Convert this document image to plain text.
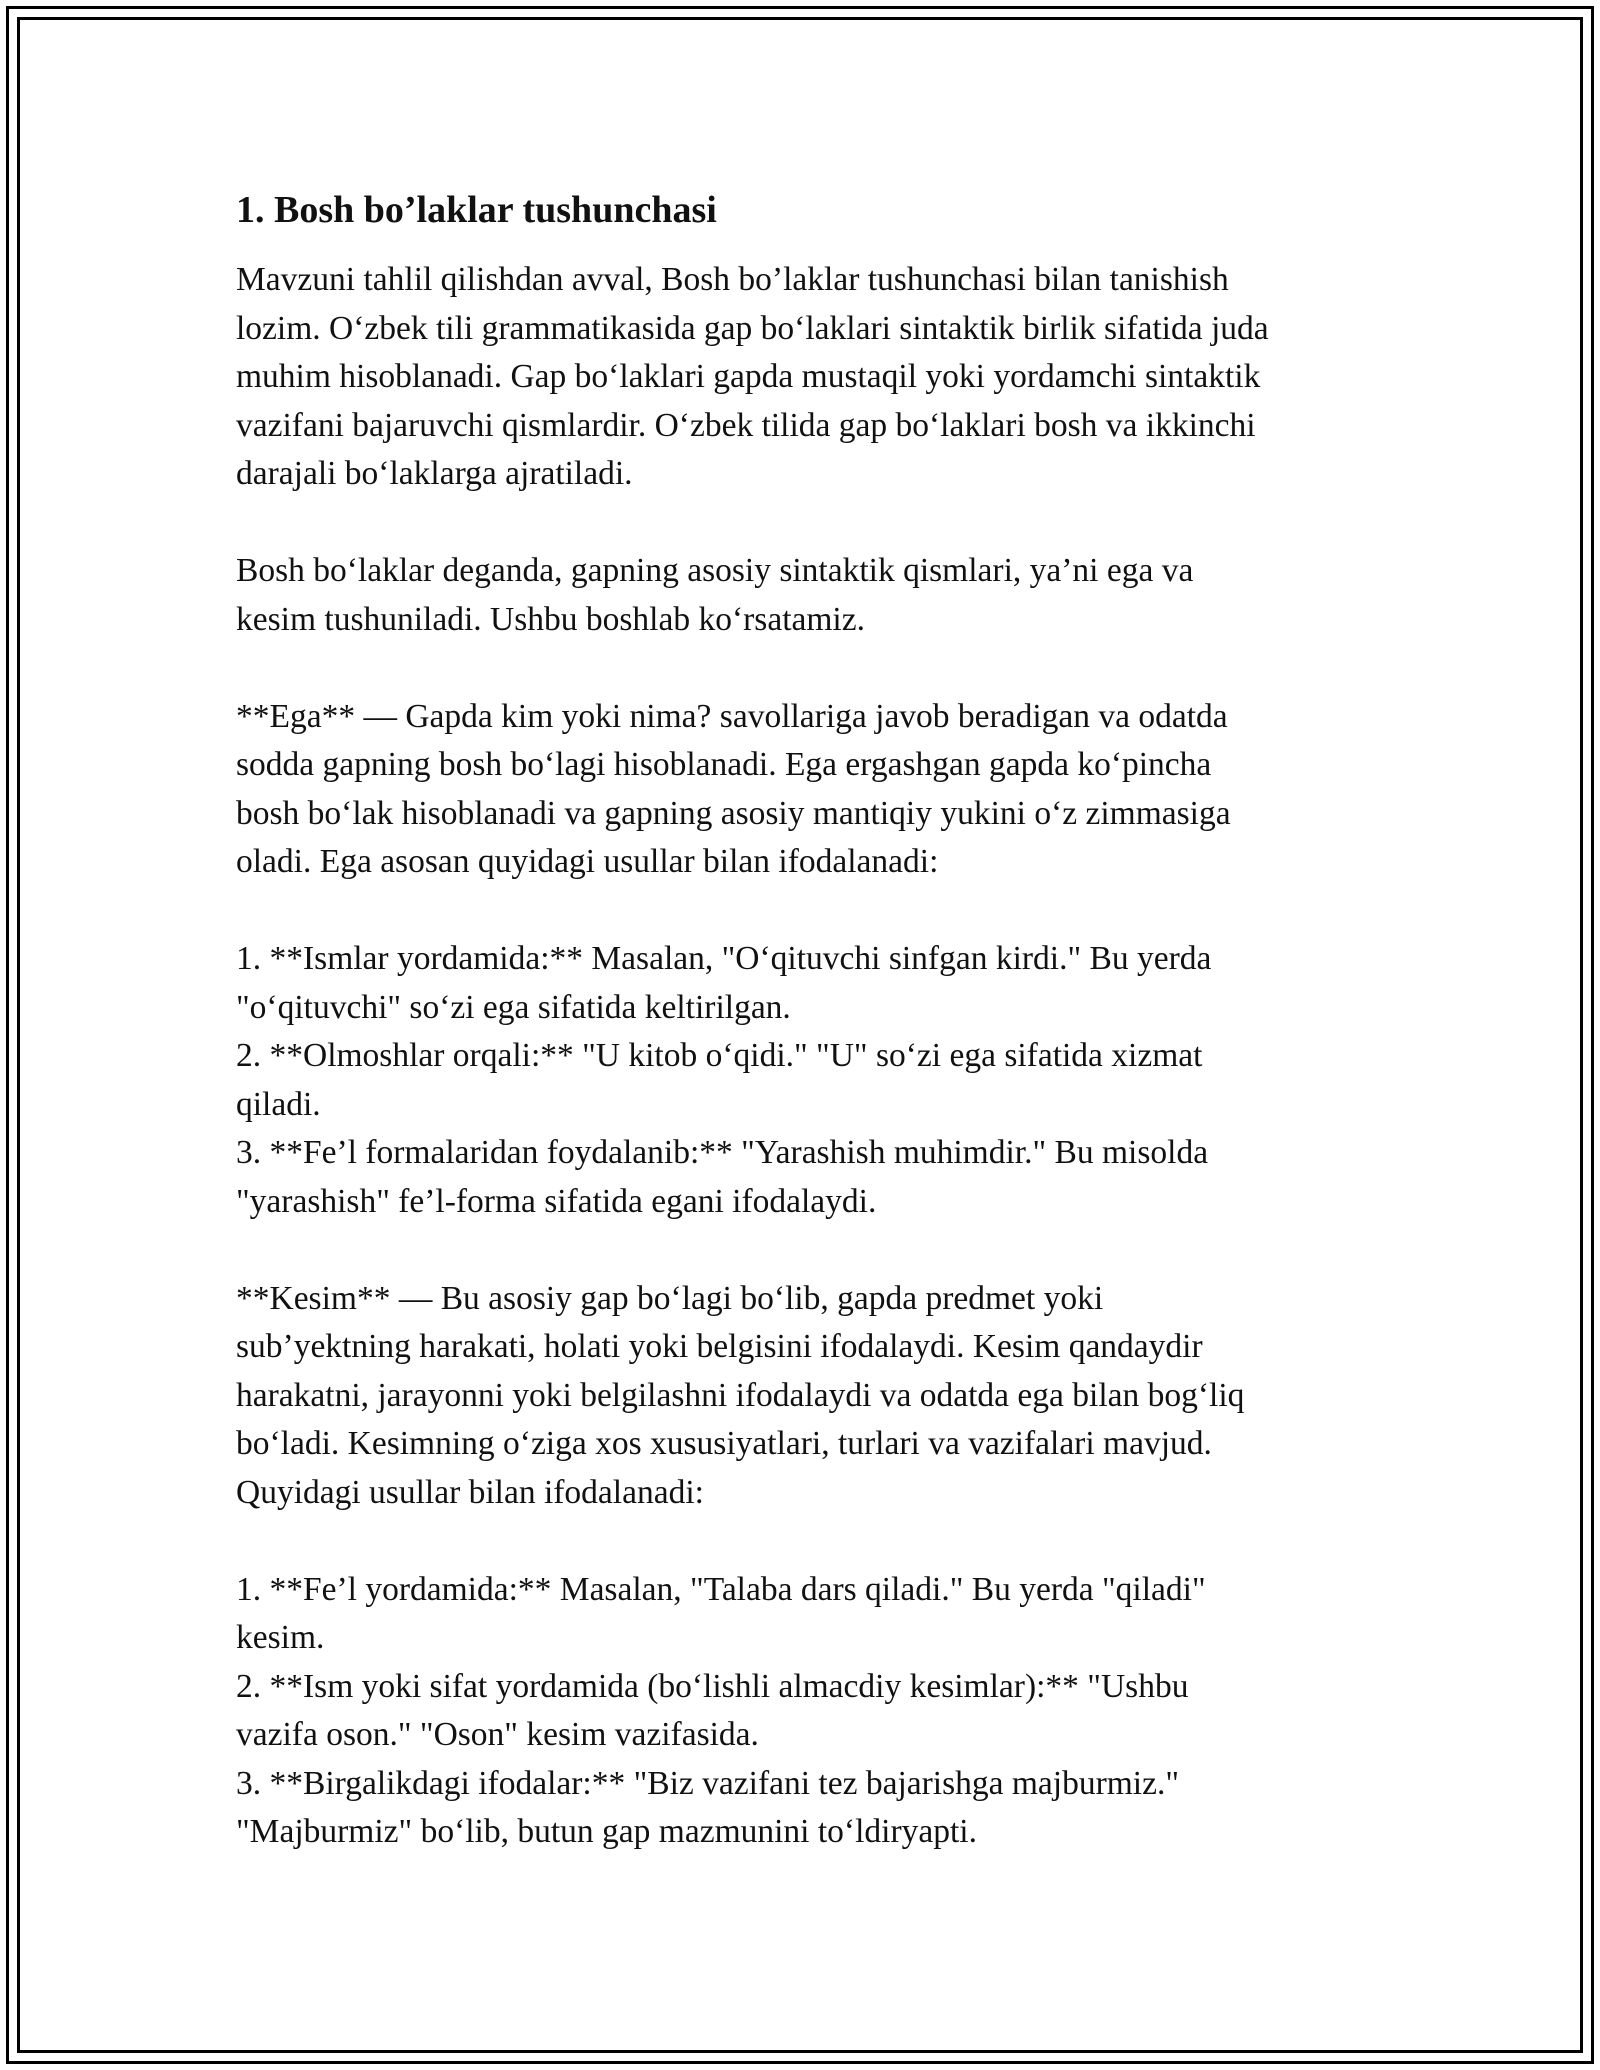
1. Bosh bo’laklar tushunchasi

Mavzuni tahlil qilishdan avval, Bosh bo’laklar tushunchasi bilan tanishish
lozim. O‘zbek tili grammatikasida gap bo‘laklari sintaktik birlik sifatida juda
muhim hisoblanadi. Gap bo‘laklari gapda mustaqil yoki yordamchi sintaktik
vazifani bajaruvchi qismlardir. O‘zbek tilida gap bo‘laklari bosh va ikkinchi
darajali bo‘laklarga ajratiladi.

Bosh bo‘laklar deganda, gapning asosiy sintaktik qismlari, ya’ni ega va
kesim tushuniladi. Ushbu boshlab ko‘rsatamiz.

**Ega** — Gapda kim yoki nima? savollariga javob beradigan va odatda
sodda gapning bosh bo‘lagi hisoblanadi. Ega ergashgan gapda ko‘pincha
bosh bo‘lak hisoblanadi va gapning asosiy mantiqiy yukini o‘z zimmasiga
oladi. Ega asosan quyidagi usullar bilan ifodalanadi:

1. **Ismlar yordamida:** Masalan, "O‘qituvchi sinfgan kirdi." Bu yerda
"o‘qituvchi" so‘zi ega sifatida keltirilgan.
2. **Olmoshlar orqali:** "U kitob o‘qidi." "U" so‘zi ega sifatida xizmat
qiladi.
3. **Fe’l formalaridan foydalanib:** "Yarashish muhimdir." Bu misolda
"yarashish" fe’l-forma sifatida egani ifodalaydi.

**Kesim** — Bu asosiy gap bo‘lagi bo‘lib, gapda predmet yoki
sub’yektning harakati, holati yoki belgisini ifodalaydi. Kesim qandaydir
harakatni, jarayonni yoki belgilashni ifodalaydi va odatda ega bilan bog‘liq
bo‘ladi. Kesimning o‘ziga xos xususiyatlari, turlari va vazifalari mavjud.
Quyidagi usullar bilan ifodalanadi:

1. **Fe’l yordamida:** Masalan, "Talaba dars qiladi." Bu yerda "qiladi"
kesim.
2. **Ism yoki sifat yordamida (bo‘lishli almacdiy kesimlar):** "Ushbu
vazifa oson." "Oson" kesim vazifasida.
3. **Birgalikdagi ifodalar:** "Biz vazifani tez bajarishga majburmiz."
"Majburmiz" bo‘lib, butun gap mazmunini to‘ldiryapti.
